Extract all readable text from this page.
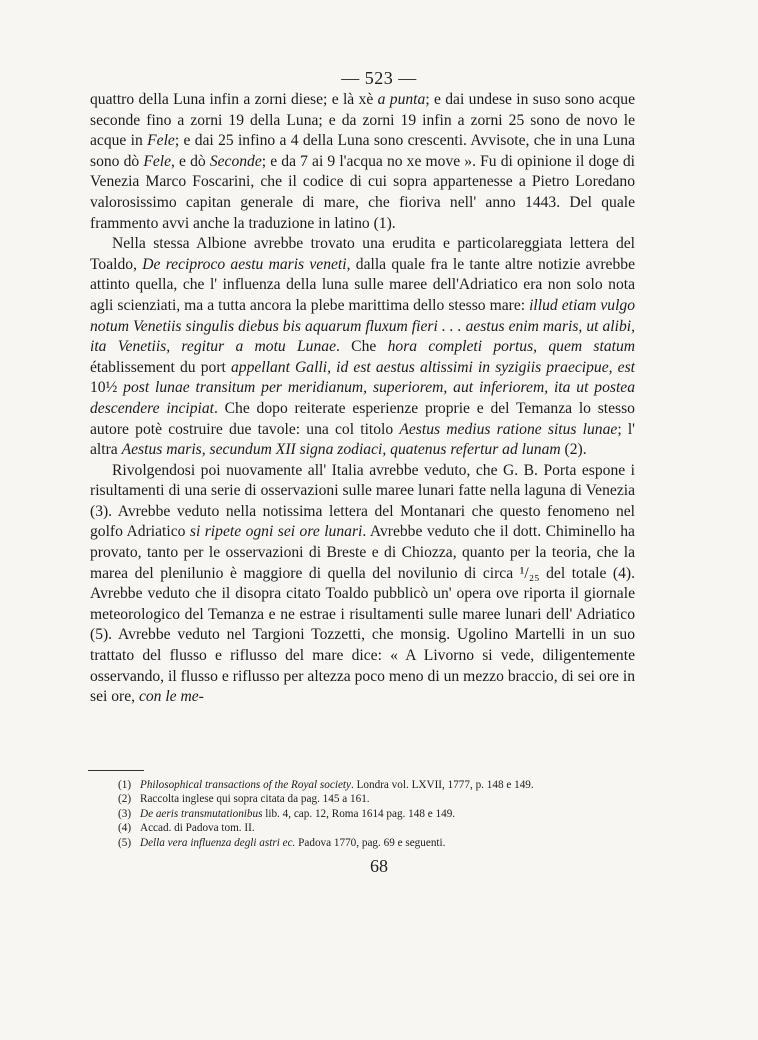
— 523 —

quattro della Luna infin a zorni diese; e là xè a punta; e dai undese in suso sono acque seconde fino a zorni 19 della Luna; e da zorni 19 infin a zorni 25 sono de novo le acque in Fele; e dai 25 infino a 4 della Luna sono crescenti. Avvisote, che in una Luna sono dò Fele, e dò Seconde; e da 7 ai 9 l'acqua no xe move ». Fu di opinione il doge di Venezia Marco Foscarini, che il codice di cui sopra appartenesse a Pietro Loredano valorosissimo capitan generale di mare, che fioriva nell' anno 1443. Del quale frammento avvi anche la traduzione in latino (1).

Nella stessa Albione avrebbe trovato una erudita e particolareggiata lettera del Toaldo, De reciproco aestu maris veneti, dalla quale fra le tante altre notizie avrebbe attinto quella, che l' influenza della luna sulle maree dell'Adriatico era non solo nota agli scienziati, ma a tutta ancora la plebe marittima dello stesso mare: illud etiam vulgo notum Venetiis singulis diebus bis aquarum fluxum fieri . . . aestus enim maris, ut alibi, ita Venetiis, regitur a motu Lunae. Che hora completi portus, quem statum établissement du port appellant Galli, id est aestus altissimi in syzigiis praecipue, est 10½ post lunae transitum per meridianum, superiorem, aut inferiorem, ita ut postea descendere incipiat. Che dopo reiterate esperienze proprie e del Temanza lo stesso autore potè costruire due tavole: una col titolo Aestus medius ratione situs lunae; l' altra Aestus maris, secundum XII signa zodiaci, quatenus refertur ad lunam (2).

Rivolgendosi poi nuovamente all' Italia avrebbe veduto, che G. B. Porta espone i risultamenti di una serie di osservazioni sulle maree lunari fatte nella laguna di Venezia (3). Avrebbe veduto nella notissima lettera del Montanari che questo fenomeno nel golfo Adriatico si ripete ogni sei ore lunari. Avrebbe veduto che il dott. Chiminello ha provato, tanto per le osservazioni di Breste e di Chiozza, quanto per la teoria, che la marea del plenilunio è maggiore di quella del novilunio di circa ¹/₂₅ del totale (4). Avrebbe veduto che il disopra citato Toaldo pubblicò un' opera ove riporta il giornale meteorologico del Temanza e ne estrae i risultamenti sulle maree lunari dell' Adriatico (5). Avrebbe veduto nel Targioni Tozzetti, che monsig. Ugolino Martelli in un suo trattato del flusso e riflusso del mare dice: « A Livorno si vede, diligentemente osservando, il flusso e riflusso per altezza poco meno di un mezzo braccio, di sei ore in sei ore, con le me-

(1) Philosophical transactions of the Royal society. Londra vol. LXVII, 1777, p. 148 e 149.
(2) Raccolta inglese qui sopra citata da pag. 145 a 161.
(3) De aeris transmutationibus lib. 4, cap. 12, Roma 1614 pag. 148 e 149.
(4) Accad. di Padova tom. II.
(5) Della vera influenza degli astri ec. Padova 1770, pag. 69 e seguenti.
68
